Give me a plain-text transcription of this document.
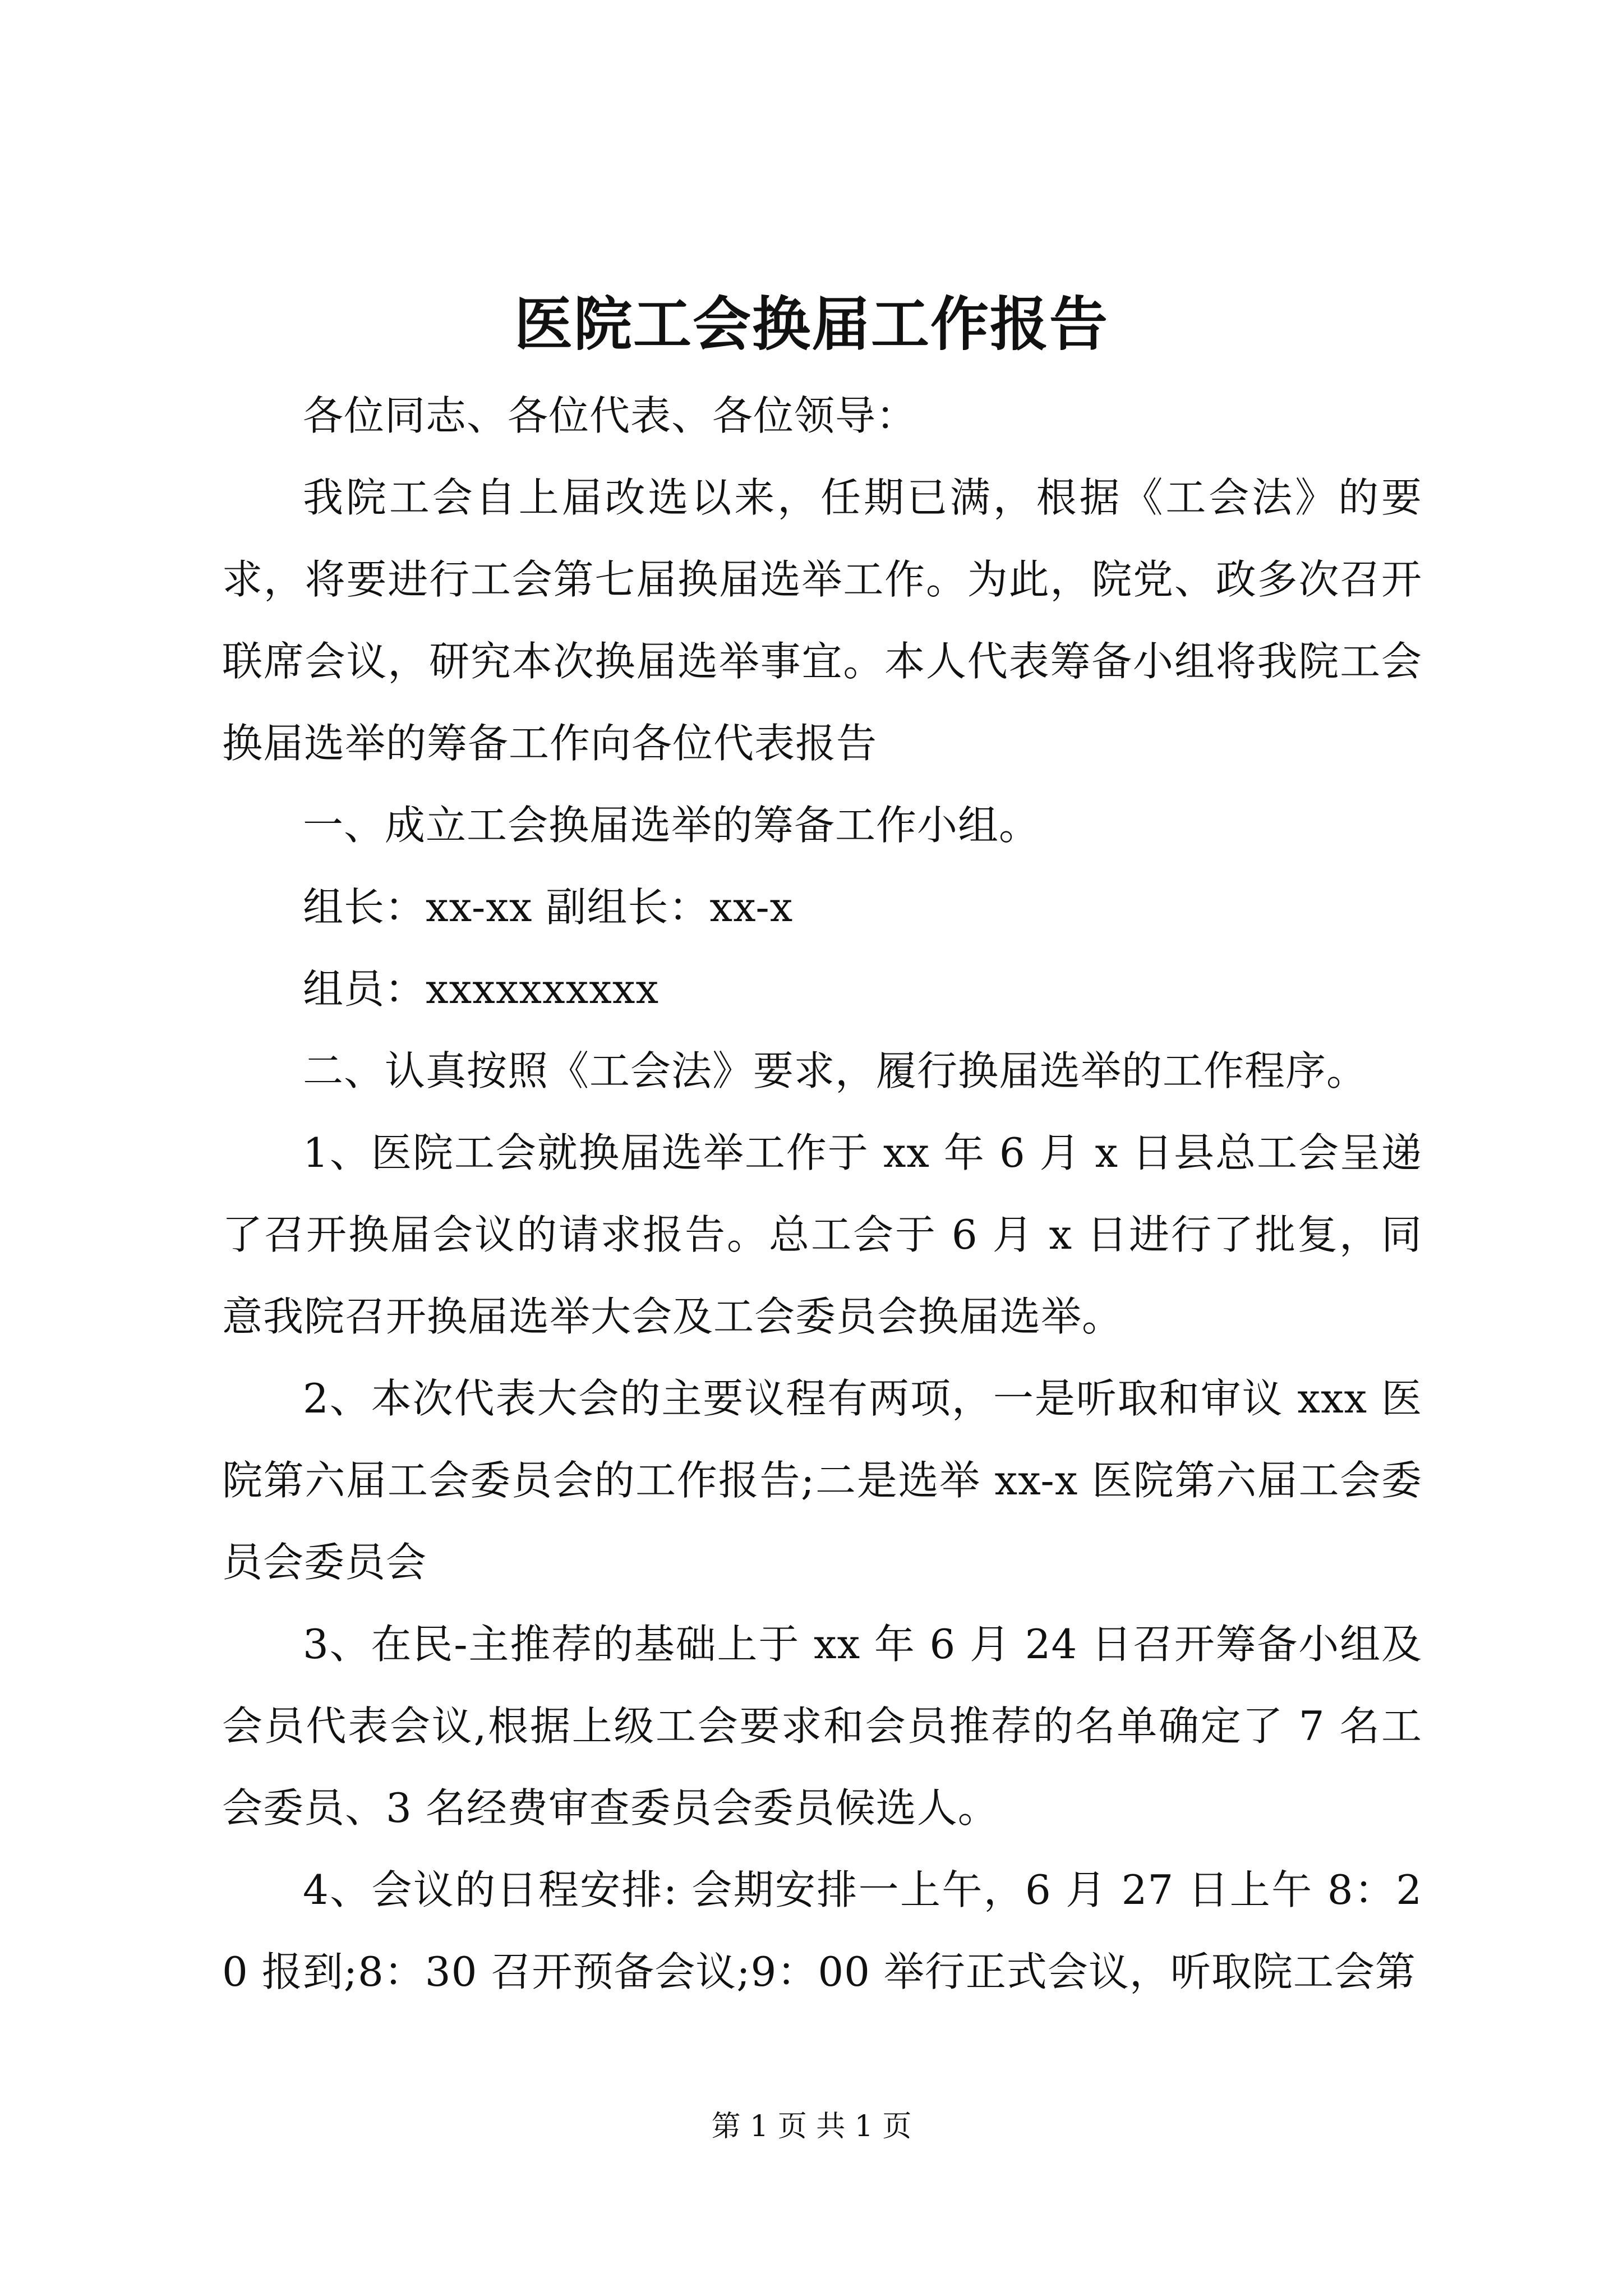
医院工会换届工作报告

各位同志、各位代表、各位领导：

我院工会自上届改选以来，任期已满，根据《工会法》的要求，将要进行工会第七届换届选举工作。为此，院党、政多次召开联席会议，研究本次换届选举事宜。本人代表筹备小组将我院工会换届选举的筹备工作向各位代表报告

一、成立工会换届选举的筹备工作小组。

组长：xx-xx 副组长：xx-x

组员：xxxxxxxxxx

二、认真按照《工会法》要求，履行换届选举的工作程序。

1、医院工会就换届选举工作于 xx 年 6 月 x 日县总工会呈递了召开换届会议的请求报告。总工会于 6 月 x 日进行了批复，同意我院召开换届选举大会及工会委员会换届选举。

2、本次代表大会的主要议程有两项，一是听取和审议 xxx 医院第六届工会委员会的工作报告;二是选举 xx-x 医院第六届工会委员会委员会

3、在民-主推荐的基础上于 xx 年 6 月 24 日召开筹备小组及会员代表会议,根据上级工会要求和会员推荐的名单确定了 7 名工会委员、3 名经费审查委员会委员候选人。

4、会议的日程安排: 会期安排一上午，6 月 27 日上午 8：20 报到;8：30 召开预备会议;9：00 举行正式会议，听取院工会第

第 1 页 共 1 页
